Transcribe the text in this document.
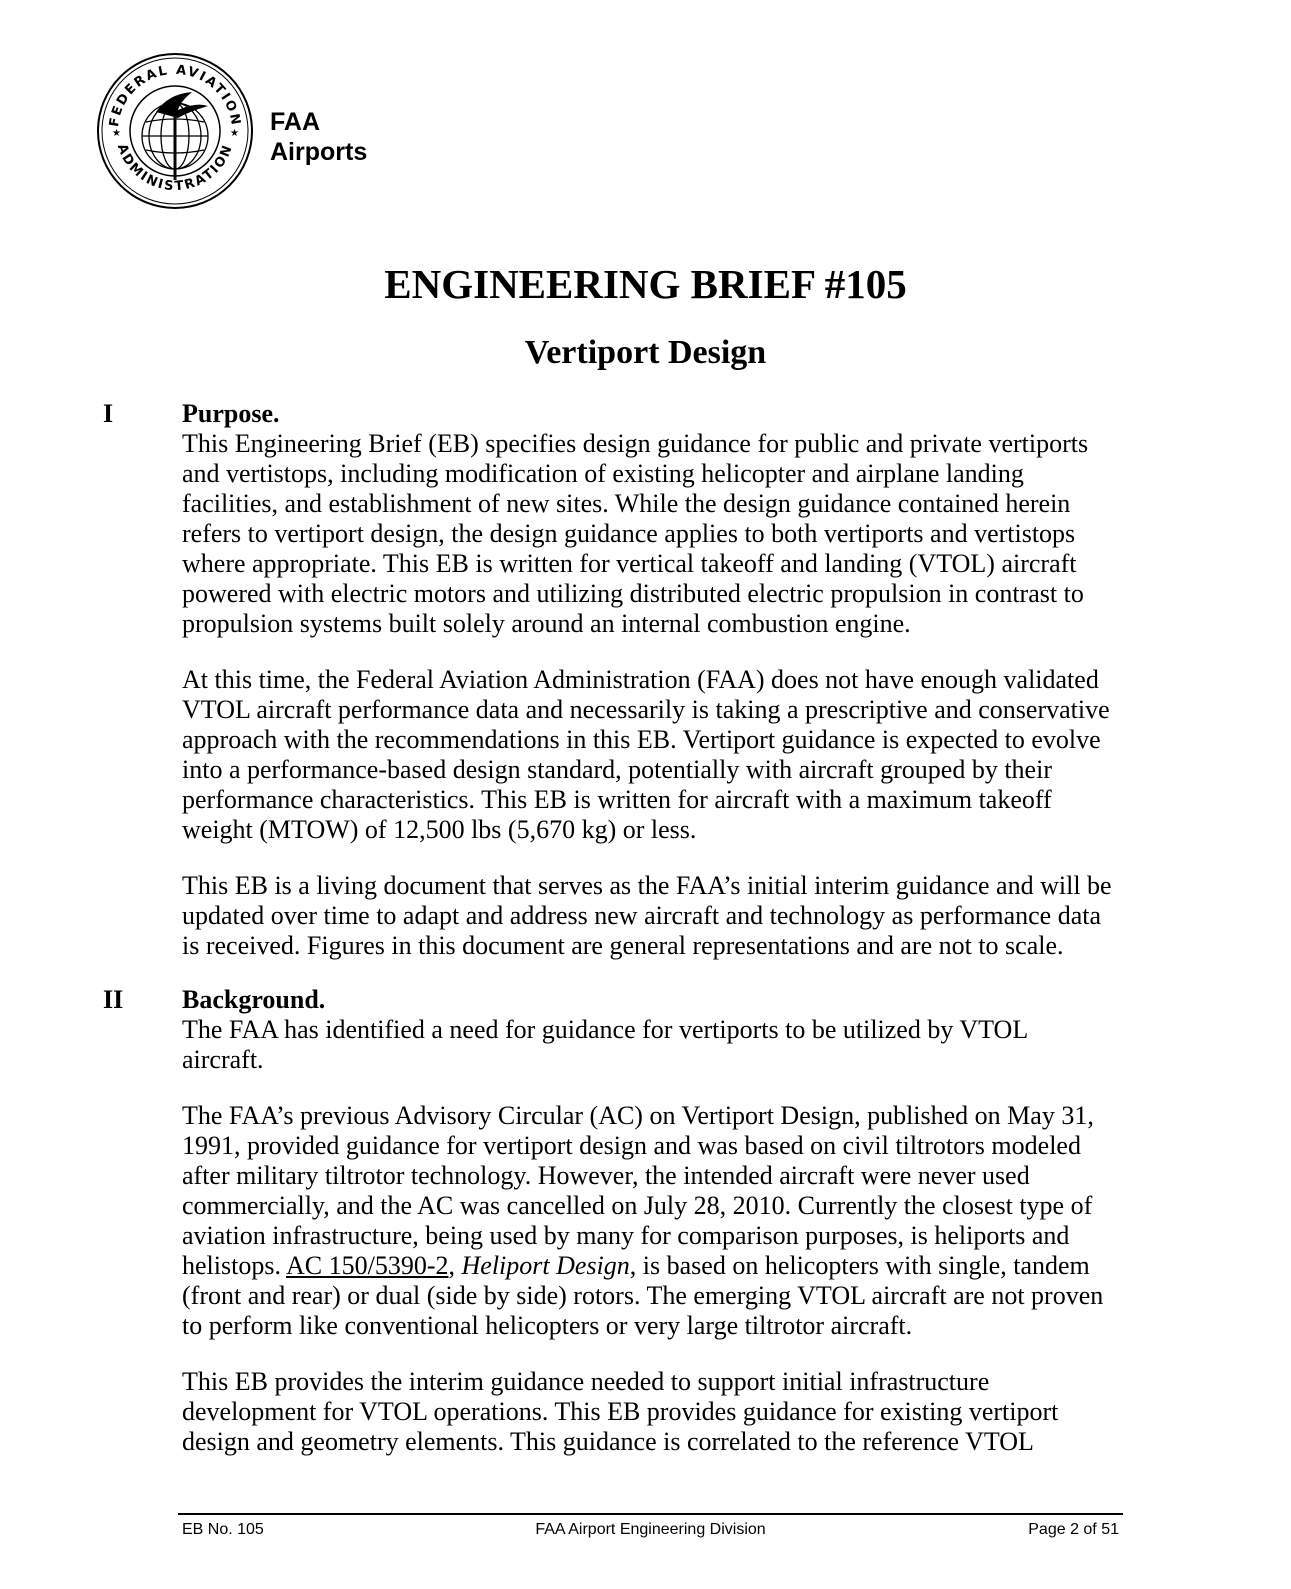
FEDERAL AVIATION
ADMINISTRATION
★	★ FAA
Airports
ENGINEERING BRIEF #105
Vertiport Design
I	Purpose.
This Engineering Brief (EB) specifies design guidance for public and private vertiports
and vertistops, including modification of existing helicopter and airplane landing
facilities, and establishment of new sites. While the design guidance contained herein
refers to vertiport design, the design guidance applies to both vertiports and vertistops
where appropriate. This EB is written for vertical takeoff and landing (VTOL) aircraft
powered with electric motors and utilizing distributed electric propulsion in contrast to
propulsion systems built solely around an internal combustion engine.
At this time, the Federal Aviation Administration (FAA) does not have enough validated
VTOL aircraft performance data and necessarily is taking a prescriptive and conservative
approach with the recommendations in this EB. Vertiport guidance is expected to evolve
into a performance-based design standard, potentially with aircraft grouped by their
performance characteristics. This EB is written for aircraft with a maximum takeoff
weight (MTOW) of 12,500 lbs (5,670 kg) or less.
This EB is a living document that serves as the FAA’s initial interim guidance and will be
updated over time to adapt and address new aircraft and technology as performance data
is received. Figures in this document are general representations and are not to scale.
II Background.
The FAA has identified a need for guidance for vertiports to be utilized by VTOL
aircraft.
The FAA’s previous Advisory Circular (AC) on Vertiport Design, published on May 31,
1991, provided guidance for vertiport design and was based on civil tiltrotors modeled
after military tiltrotor technology. However, the intended aircraft were never used
commercially, and the AC was cancelled on July 28, 2010. Currently the closest type of
aviation infrastructure, being used by many for comparison purposes, is heliports and
helistops. AC 150/5390-2, Heliport Design, is based on helicopters with single, tandem
(front and rear) or dual (side by side) rotors. The emerging VTOL aircraft are not proven
to perform like conventional helicopters or very large tiltrotor aircraft.
This EB provides the interim guidance needed to support initial infrastructure
development for VTOL operations. This EB provides guidance for existing vertiport
design and geometry elements. This guidance is correlated to the reference VTOL
EB No. 105	FAA Airport Engineering Division	Page 2 of 51
